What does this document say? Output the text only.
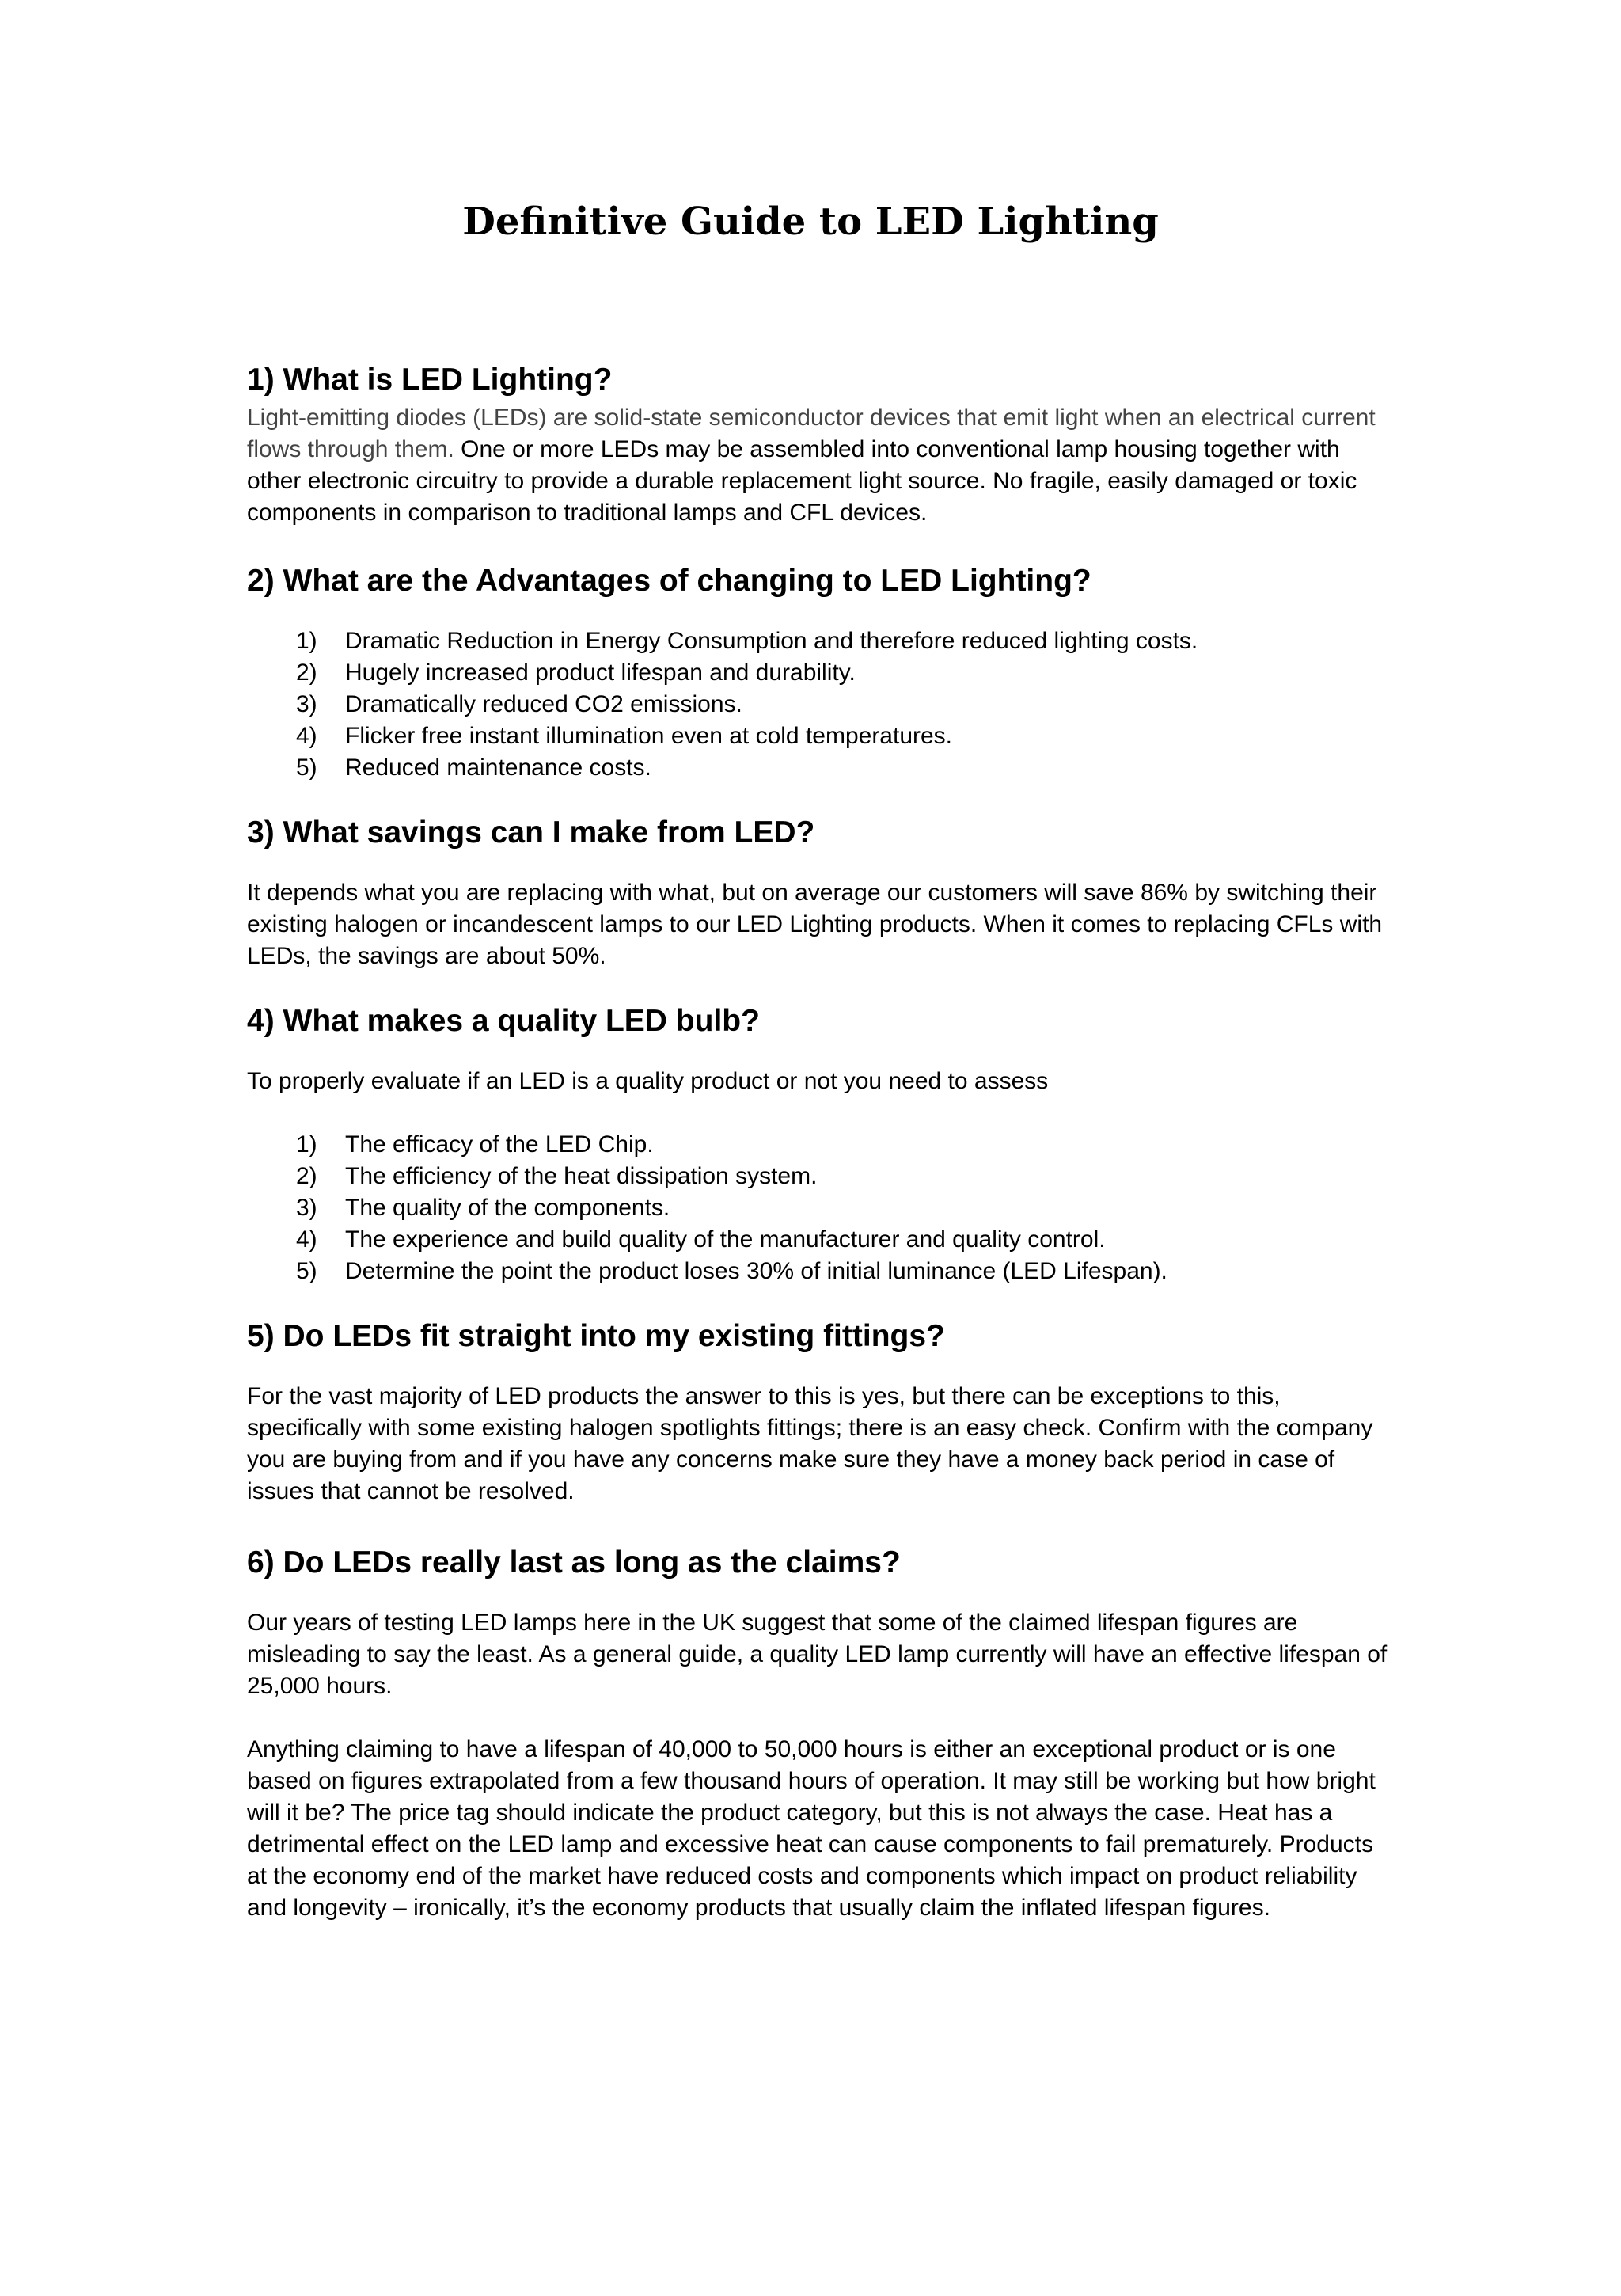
Definitive Guide to LED Lighting
1) What is LED Lighting?

Light-emitting diodes (LEDs) are solid-state semiconductor devices that emit light when an electrical current flows through them. One or more LEDs may be assembled into conventional lamp housing together with other electronic circuitry to provide a durable replacement light source. No fragile, easily damaged or toxic components in comparison to traditional lamps and CFL devices.

2) What are the Advantages of changing to LED Lighting?
1) Dramatic Reduction in Energy Consumption and therefore reduced lighting costs.
2) Hugely increased product lifespan and durability.
3) Dramatically reduced CO2 emissions.
4) Flicker free instant illumination even at cold temperatures.
5) Reduced maintenance costs.
3) What savings can I make from LED?

It depends what you are replacing with what, but on average our customers will save 86% by switching their existing halogen or incandescent lamps to our LED Lighting products. When it comes to replacing CFLs with LEDs, the savings are about 50%.

4) What makes a quality LED bulb?

To properly evaluate if an LED is a quality product or not you need to assess

1) The efficacy of the LED Chip.
2) The efficiency of the heat dissipation system.
3) The quality of the components.
4) The experience and build quality of the manufacturer and quality control.
5) Determine the point the product loses 30% of initial luminance (LED Lifespan).
5) Do LEDs fit straight into my existing fittings?

For the vast majority of LED products the answer to this is yes, but there can be exceptions to this, specifically with some existing halogen spotlights fittings; there is an easy check. Confirm with the company you are buying from and if you have any concerns make sure they have a money back period in case of issues that cannot be resolved.

6) Do LEDs really last as long as the claims?

Our years of testing LED lamps here in the UK suggest that some of the claimed lifespan figures are misleading to say the least. As a general guide, a quality LED lamp currently will have an effective lifespan of 25,000 hours.

Anything claiming to have a lifespan of 40,000 to 50,000 hours is either an exceptional product or is one based on figures extrapolated from a few thousand hours of operation. It may still be working but how bright will it be? The price tag should indicate the product category, but this is not always the case. Heat has a detrimental effect on the LED lamp and excessive heat can cause components to fail prematurely. Products at the economy end of the market have reduced costs and components which impact on product reliability and longevity – ironically, it’s the economy products that usually claim the inflated lifespan figures.
